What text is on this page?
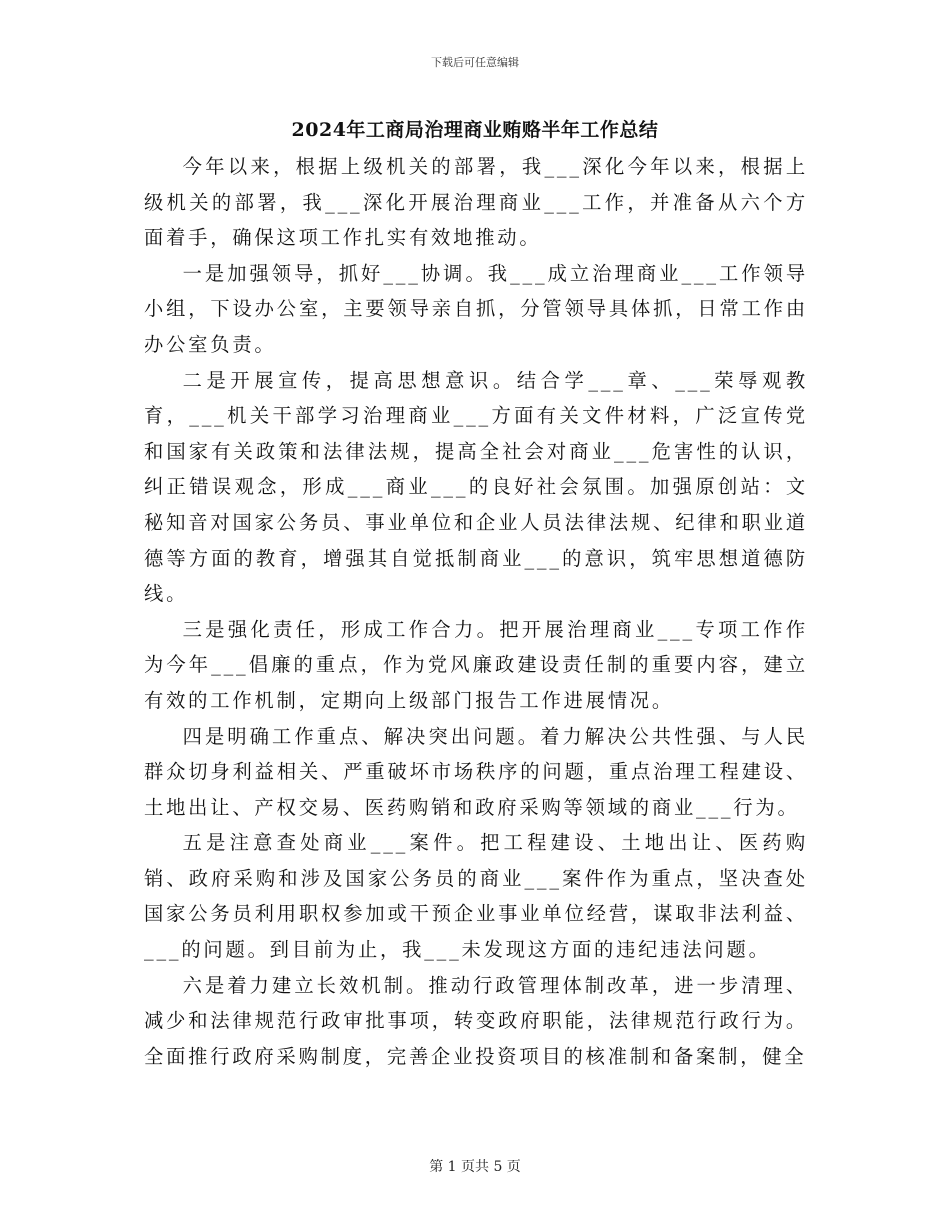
下载后可任意编辑
2024年工商局治理商业贿赂半年工作总结

今年以来，根据上级机关的部署，我___深化今年以来，根据上级机关的部署，我___深化开展治理商业___工作，并准备从六个方面着手，确保这项工作扎实有效地推动。

一是加强领导，抓好___协调。我___成立治理商业___工作领导小组，下设办公室，主要领导亲自抓，分管领导具体抓，日常工作由办公室负责。

二是开展宣传，提高思想意识。结合学___章、___荣辱观教育，___机关干部学习治理商业___方面有关文件材料，广泛宣传党和国家有关政策和法律法规，提高全社会对商业___危害性的认识，纠正错误观念，形成___商业___的良好社会氛围。加强原创站：文秘知音对国家公务员、事业单位和企业人员法律法规、纪律和职业道德等方面的教育，增强其自觉抵制商业___的意识，筑牢思想道德防线。

三是强化责任，形成工作合力。把开展治理商业___专项工作作为今年___倡廉的重点，作为党风廉政建设责任制的重要内容，建立有效的工作机制，定期向上级部门报告工作进展情况。

四是明确工作重点、解决突出问题。着力解决公共性强、与人民群众切身利益相关、严重破坏市场秩序的问题，重点治理工程建设、土地出让、产权交易、医药购销和政府采购等领域的商业___行为。

五是注意查处商业___案件。把工程建设、土地出让、医药购销、政府采购和涉及国家公务员的商业___案件作为重点，坚决查处国家公务员利用职权参加或干预企业事业单位经营，谋取非法利益、___的问题。到目前为止，我___未发现这方面的违纪违法问题。

六是着力建立长效机制。推动行政管理体制改革，进一步清理、减少和法律规范行政审批事项，转变政府职能，法律规范行政行为。全面推行政府采购制度，完善企业投资项目的核准制和备案制，健全

第 1 页共 5 页
